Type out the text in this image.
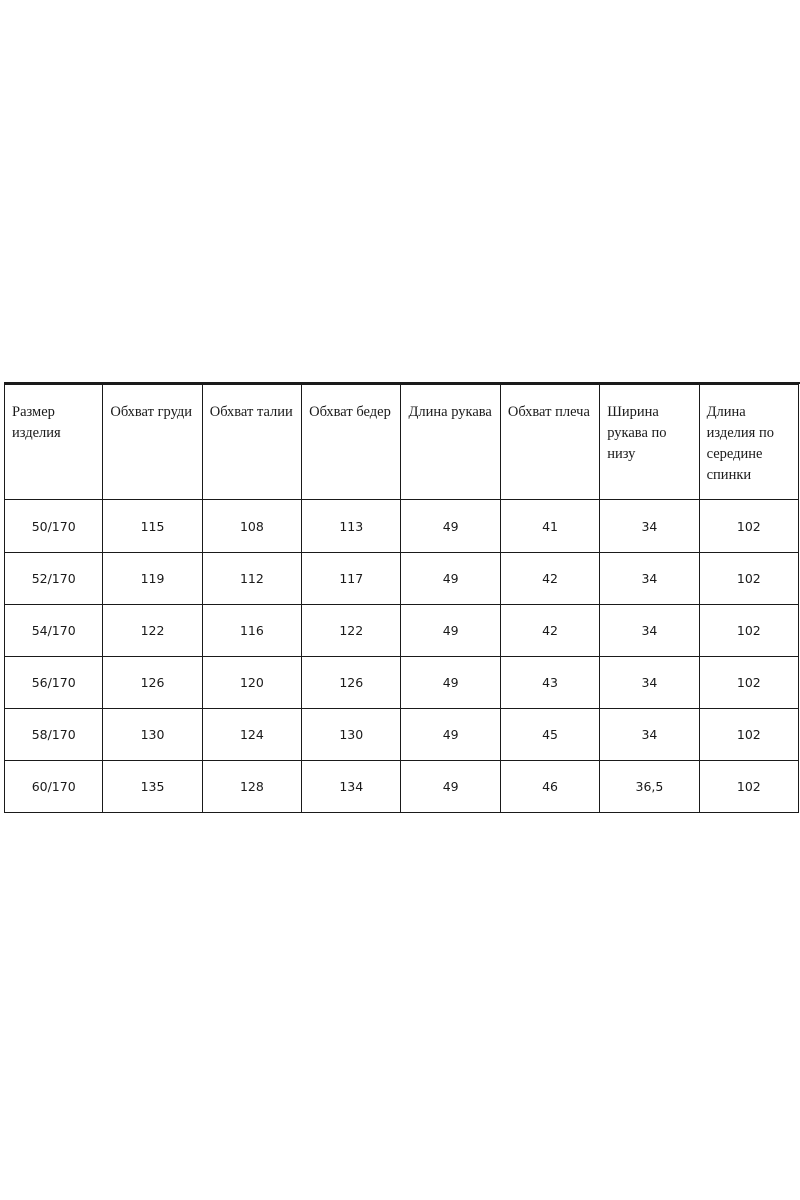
Размер изделия	Обхват груди	Обхват талии	Обхват бедер	Длина рукава	Обхват плеча	Ширина рукава по низу	Длина изделия по середине спинки
50/170	115	108	113	49	41	34	102
52/170	119	112	117	49	42	34	102
54/170	122	116	122	49	42	34	102
56/170	126	120	126	49	43	34	102
58/170	130	124	130	49	45	34	102
60/170	135	128	134	49	46	36,5	102
